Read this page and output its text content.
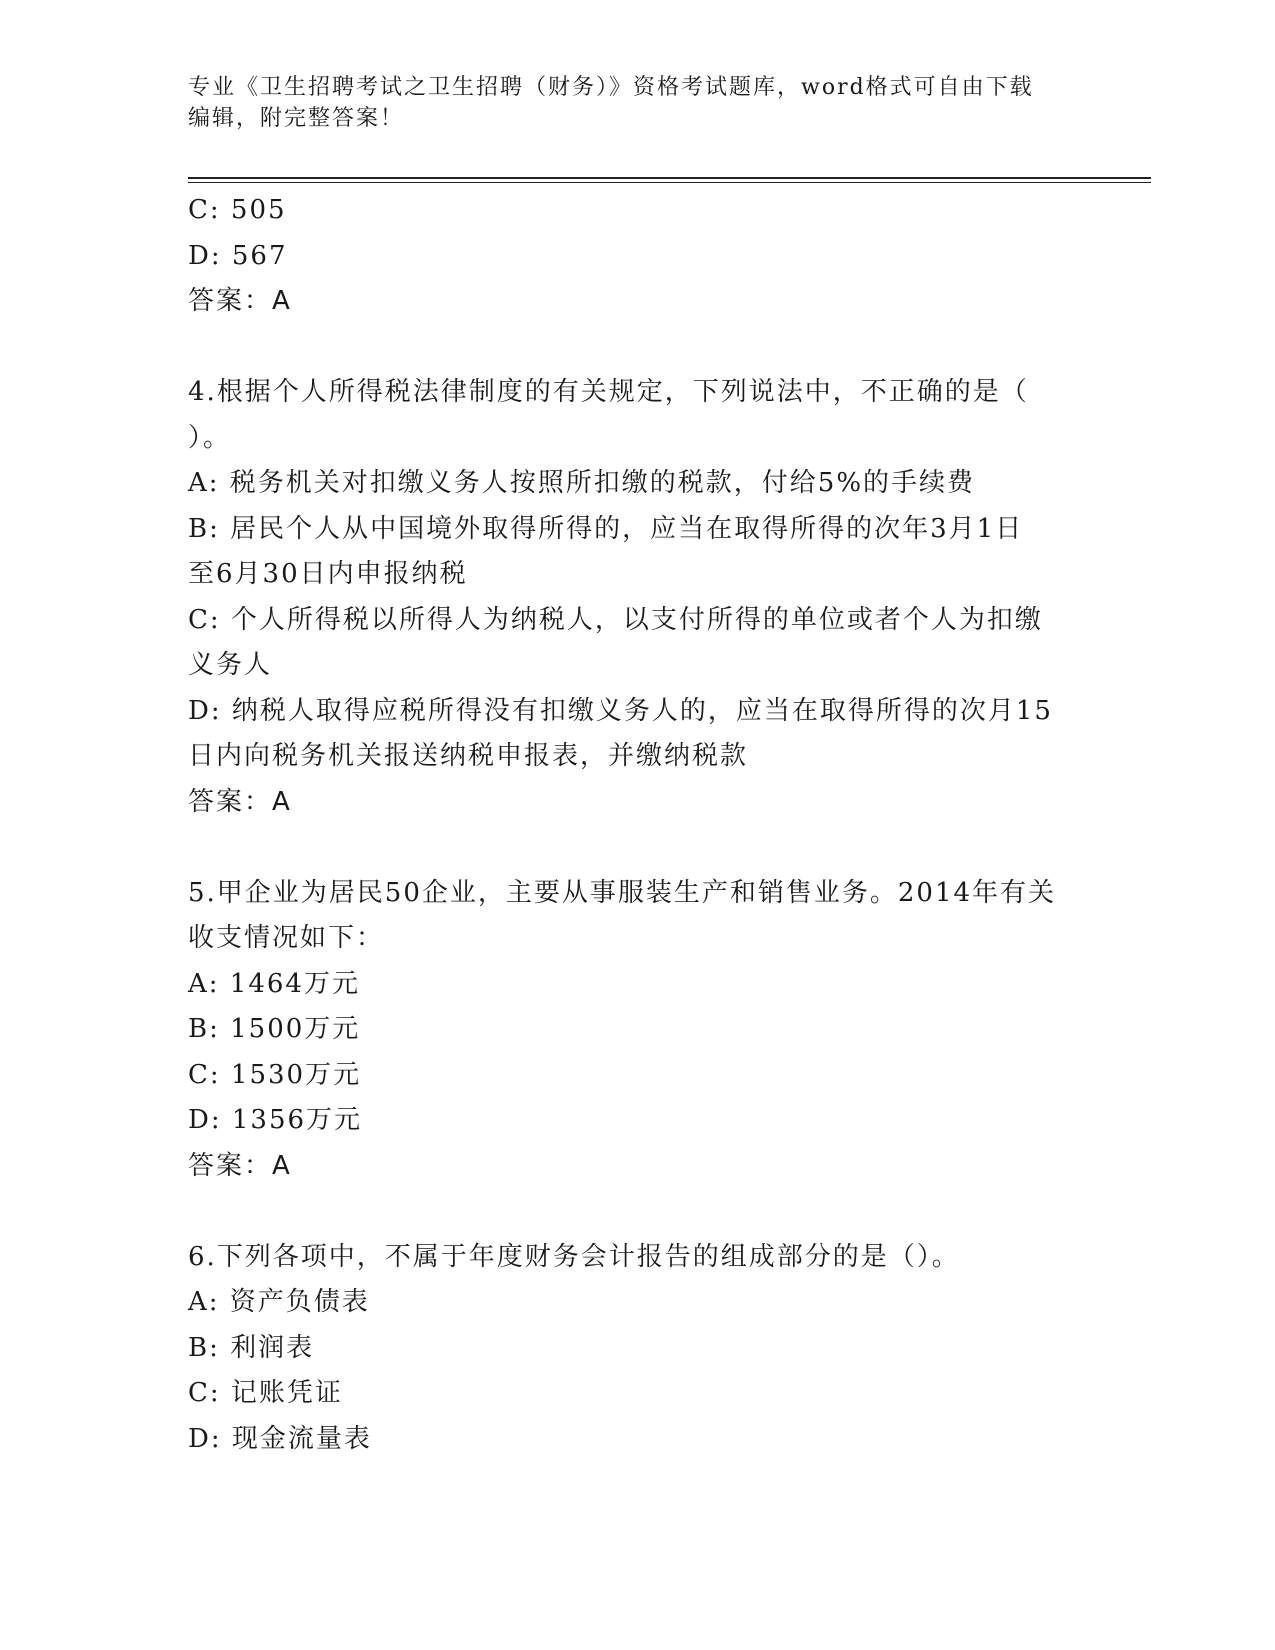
专业《卫生招聘考试之卫生招聘（财务）》资格考试题库，word格式可自由下载
编辑，附完整答案！
C: 505
D: 567
答案：A
4.根据个人所得税法律制度的有关规定，下列说法中，不正确的是（
）。
A: 税务机关对扣缴义务人按照所扣缴的税款，付给5%的手续费
B: 居民个人从中国境外取得所得的，应当在取得所得的次年3月1日
至6月30日内申报纳税
C: 个人所得税以所得人为纳税人，以支付所得的单位或者个人为扣缴
义务人
D: 纳税人取得应税所得没有扣缴义务人的，应当在取得所得的次月15
日内向税务机关报送纳税申报表，并缴纳税款
答案：A
5.甲企业为居民50企业，主要从事服装生产和销售业务。2014年有关
收支情况如下：
A: 1464万元
B: 1500万元
C: 1530万元
D: 1356万元
答案：A
6.下列各项中，不属于年度财务会计报告的组成部分的是（）。
A: 资产负债表
B: 利润表
C: 记账凭证
D: 现金流量表
